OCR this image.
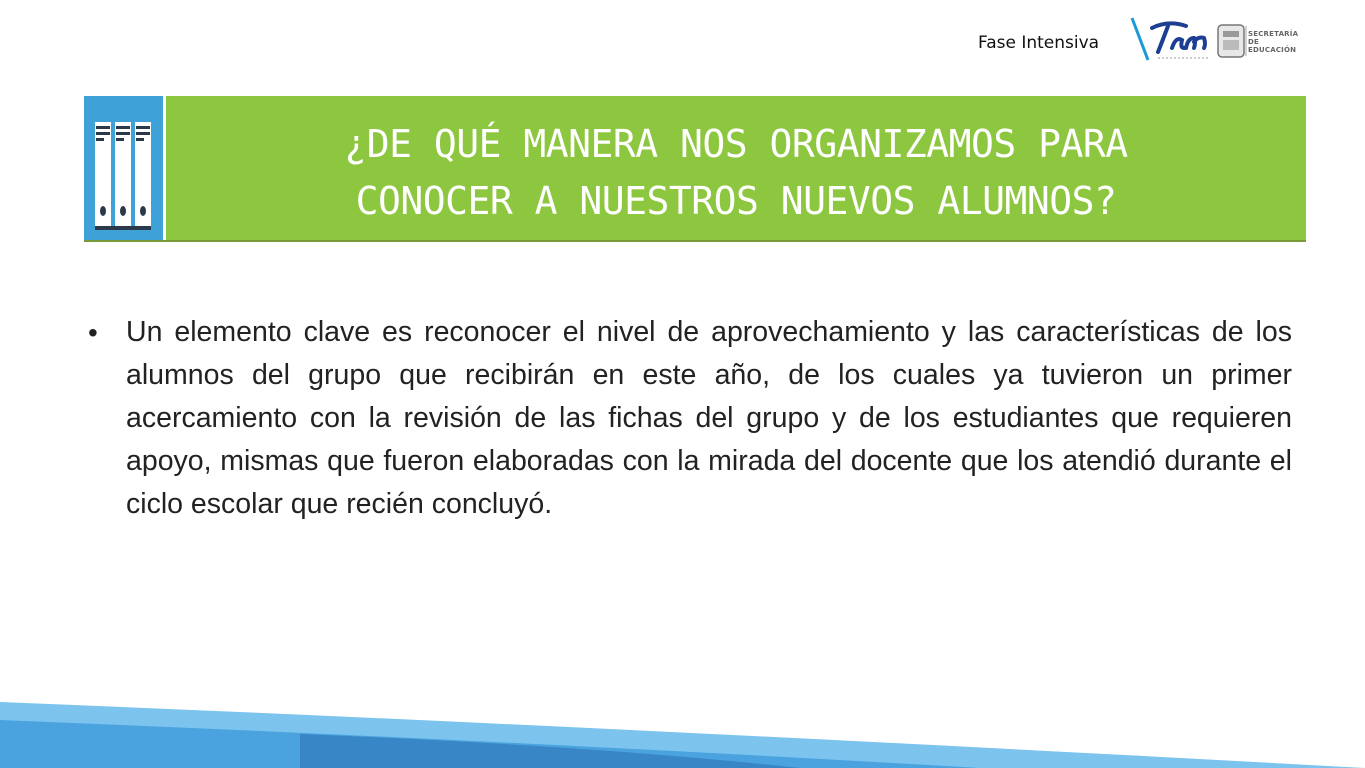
Fase Intensiva	SECRETARÍA DE EDUCACIÓN
¿DE QUÉ MANERA NOS ORGANIZAMOS PARA
CONOCER A NUESTROS NUEVOS ALUMNOS?
• Un elemento clave es reconocer el nivel de aprovechamiento y las características de los alumnos del grupo que recibirán en este año, de los cuales ya tuvieron un primer acercamiento con la revisión de las fichas del grupo y de los estudiantes que requieren apoyo, mismas que fueron elaboradas con la mirada del docente que los atendió durante el ciclo escolar que recién concluyó.
